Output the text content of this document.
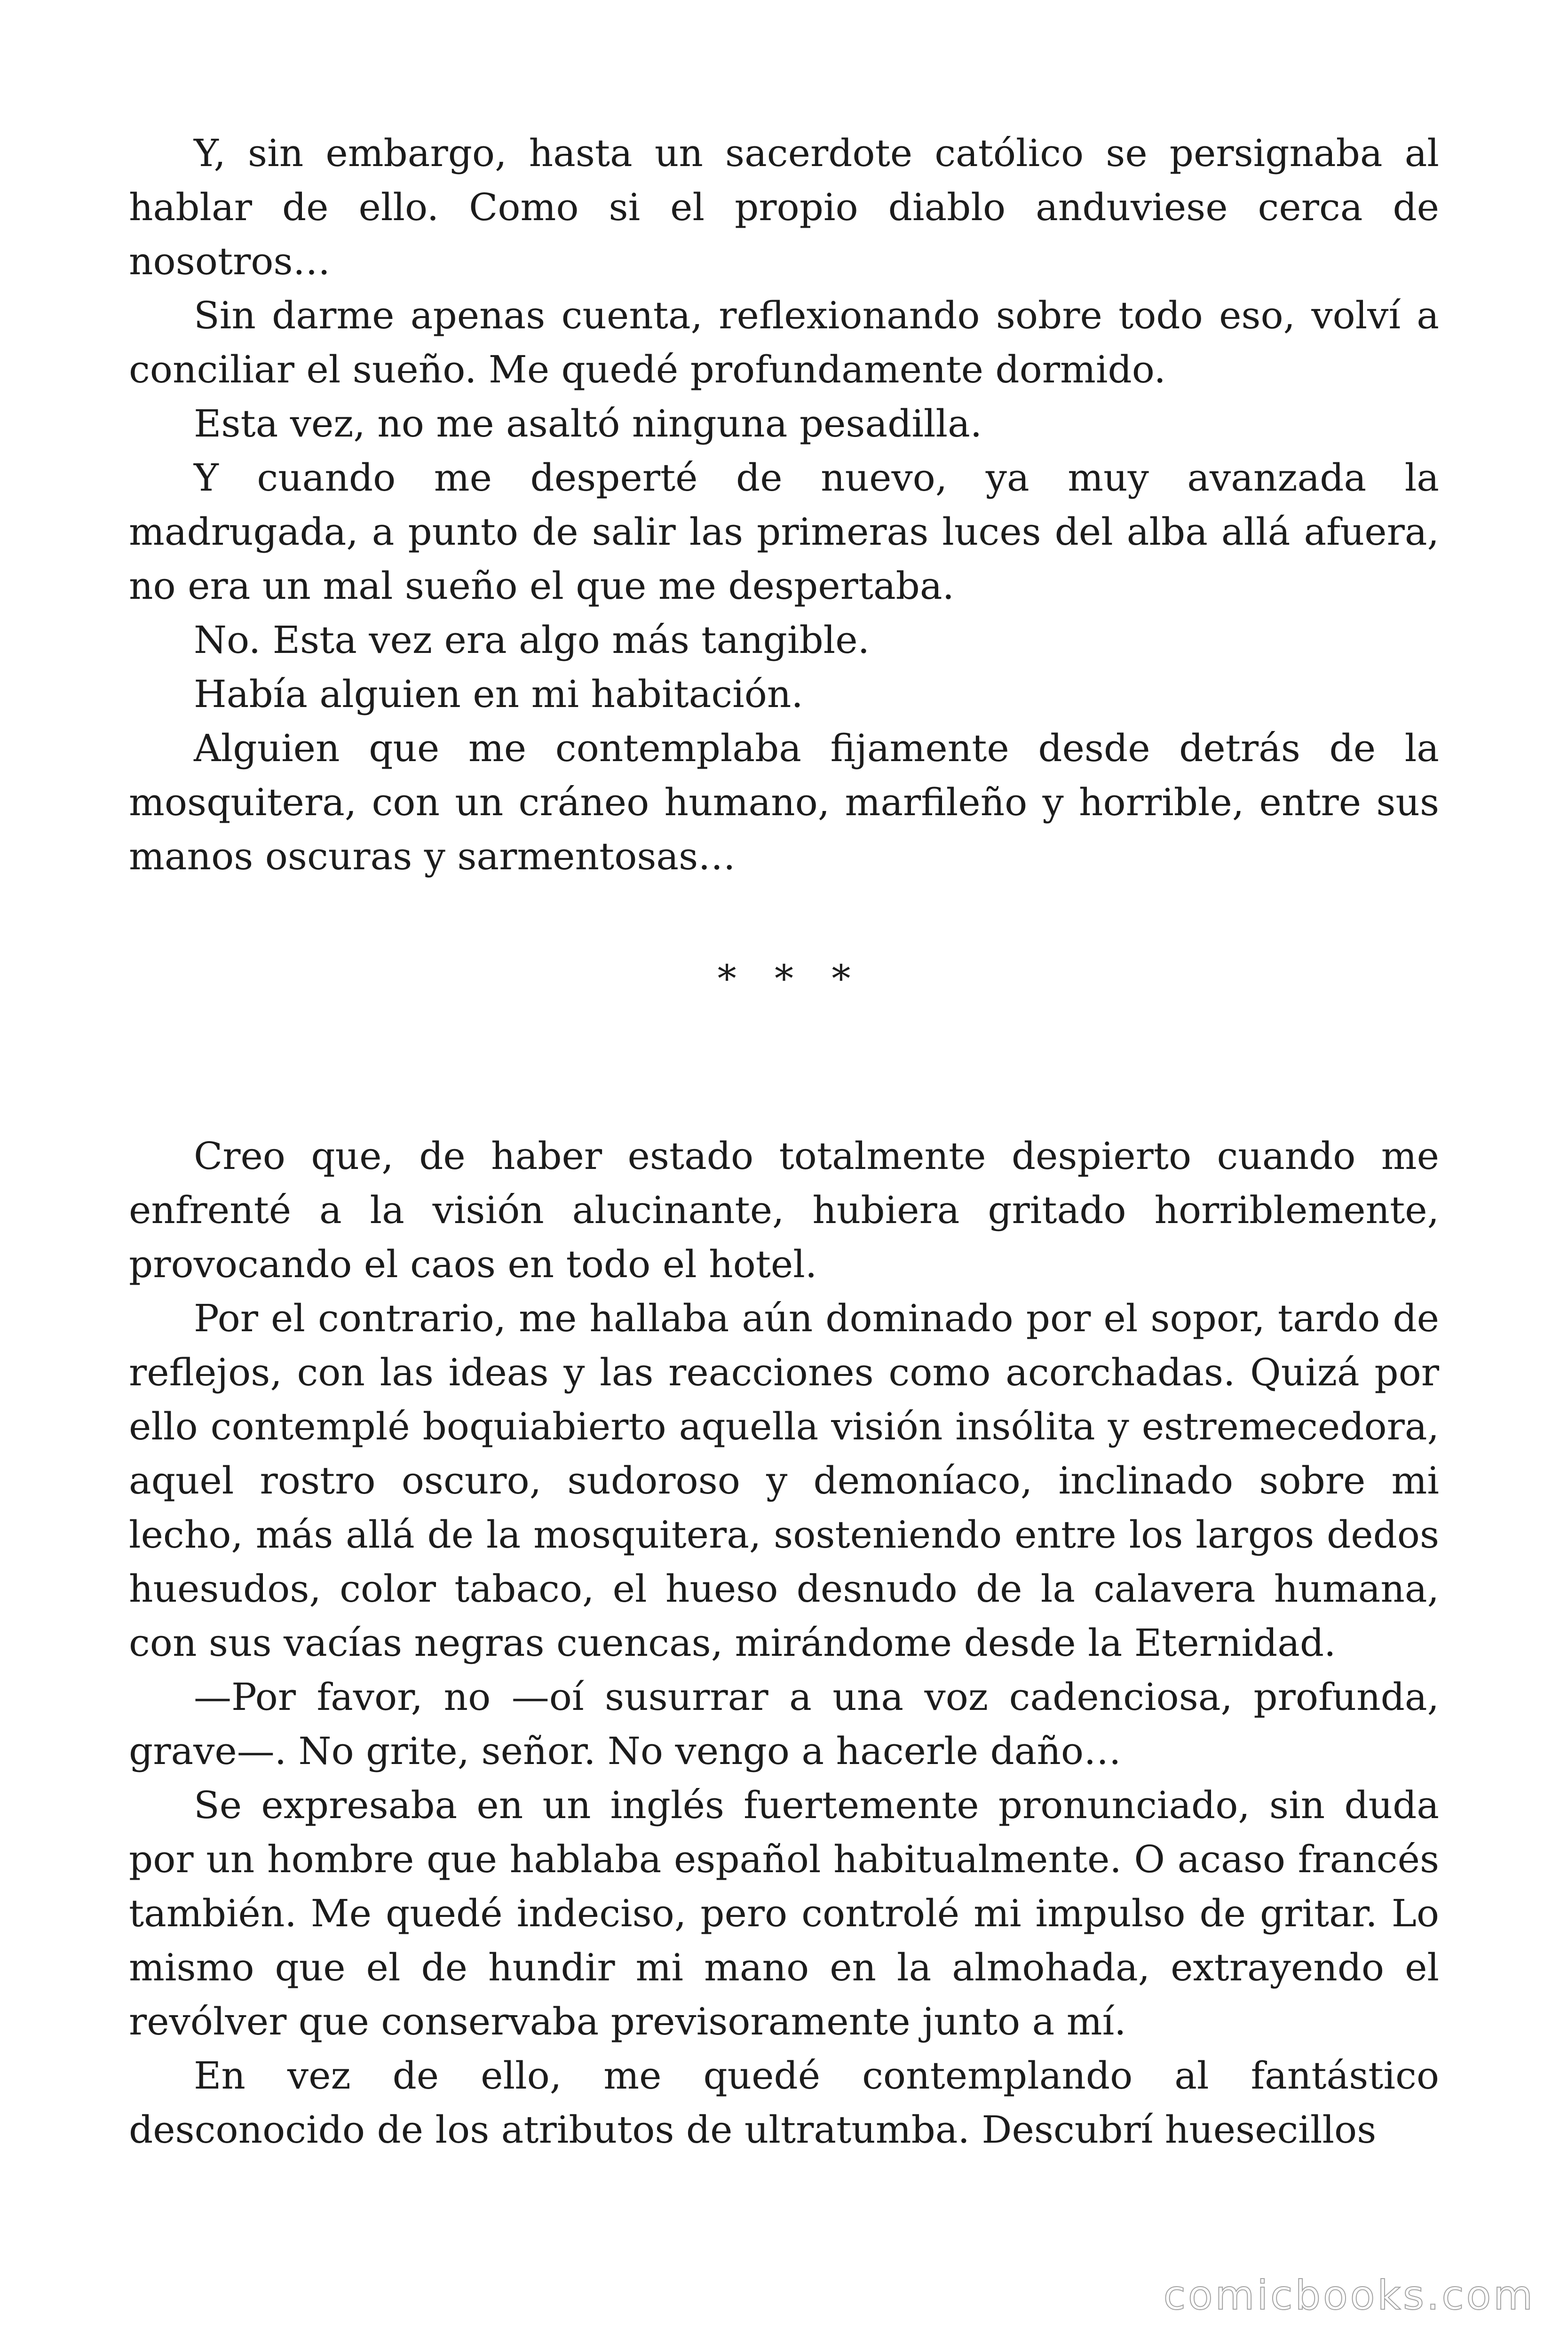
Y, sin embargo, hasta un sacerdote católico se persignaba al hablar de ello. Como si el propio diablo anduviese cerca de nosotros…

Sin darme apenas cuenta, reflexionando sobre todo eso, volví a conciliar el sueño. Me quedé profundamente dormido.

Esta vez, no me asaltó ninguna pesadilla.

Y cuando me desperté de nuevo, ya muy avanzada la madrugada, a punto de salir las primeras luces del alba allá afuera, no era un mal sueño el que me despertaba.

No. Esta vez era algo más tangible.

Había alguien en mi habitación.

Alguien que me contemplaba fijamente desde detrás de la mosquitera, con un cráneo humano, marfileño y horrible, entre sus manos oscuras y sarmentosas…

* * *

Creo que, de haber estado totalmente despierto cuando me enfrenté a la visión alucinante, hubiera gritado horriblemente, provocando el caos en todo el hotel.

Por el contrario, me hallaba aún dominado por el sopor, tardo de reflejos, con las ideas y las reacciones como acorchadas. Quizá por ello contemplé boquiabierto aquella visión insólita y estremecedora, aquel rostro oscuro, sudoroso y demoníaco, inclinado sobre mi lecho, más allá de la mosquitera, sosteniendo entre los largos dedos huesudos, color tabaco, el hueso desnudo de la calavera humana, con sus vacías negras cuencas, mirándome desde la Eternidad.

—Por favor, no —oí susurrar a una voz cadenciosa, profunda, grave—. No grite, señor. No vengo a hacerle daño…

Se expresaba en un inglés fuertemente pronunciado, sin duda por un hombre que hablaba español habitualmente. O acaso francés también. Me quedé indeciso, pero controlé mi impulso de gritar. Lo mismo que el de hundir mi mano en la almohada, extrayendo el revólver que conservaba previsoramente junto a mí.

En vez de ello, me quedé contemplando al fantástico desconocido de los atributos de ultratumba. Descubrí huesecillos

comicbooks.com
